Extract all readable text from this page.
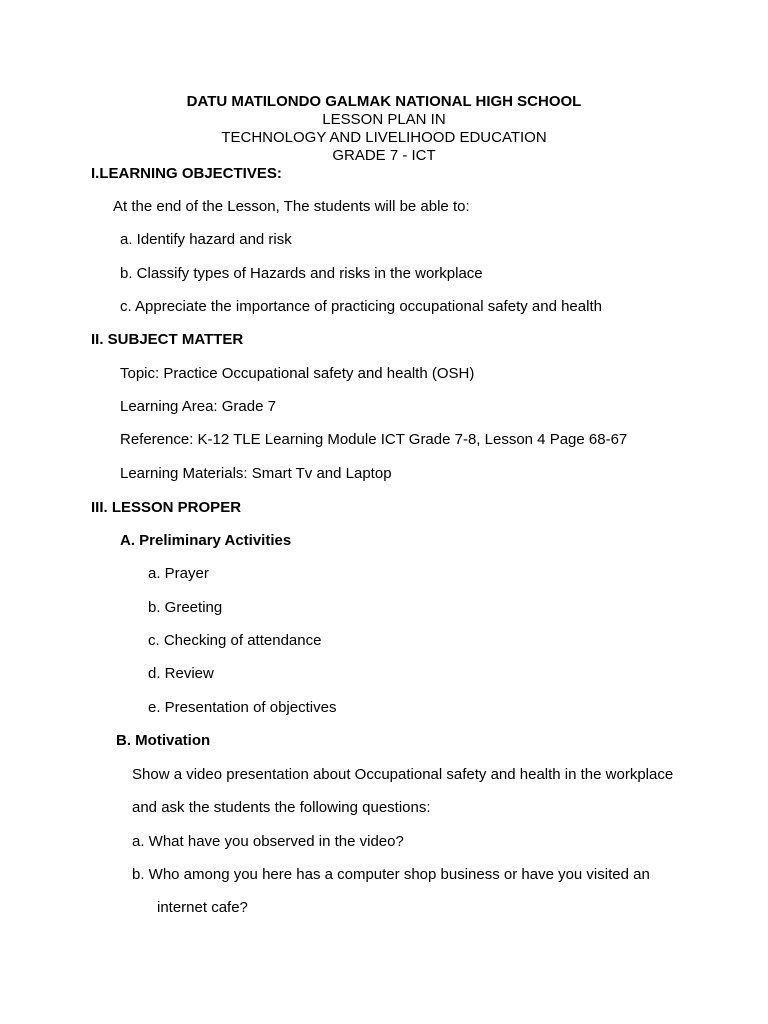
DATU MATILONDO GALMAK NATIONAL HIGH SCHOOL
LESSON PLAN IN
TECHNOLOGY AND LIVELIHOOD EDUCATION
GRADE 7 - ICT
I.LEARNING OBJECTIVES:
At the end of the Lesson, The students will be able to:
a. Identify hazard and risk
b. Classify types of Hazards and risks in the workplace
c. Appreciate the importance of practicing occupational safety and health
II. SUBJECT MATTER
Topic: Practice Occupational safety and health (OSH)
Learning Area: Grade 7
Reference: K-12 TLE Learning Module ICT Grade 7-8, Lesson 4 Page 68-67
Learning Materials: Smart Tv and Laptop
III. LESSON PROPER
A. Preliminary Activities
a. Prayer
b. Greeting
c. Checking of attendance
d. Review
e. Presentation of objectives
B. Motivation
Show a video presentation about Occupational safety and health in the workplace
and ask the students the following questions:
a. What have you observed in the video?
b. Who among you here has a computer shop business or have you visited an
internet cafe?
